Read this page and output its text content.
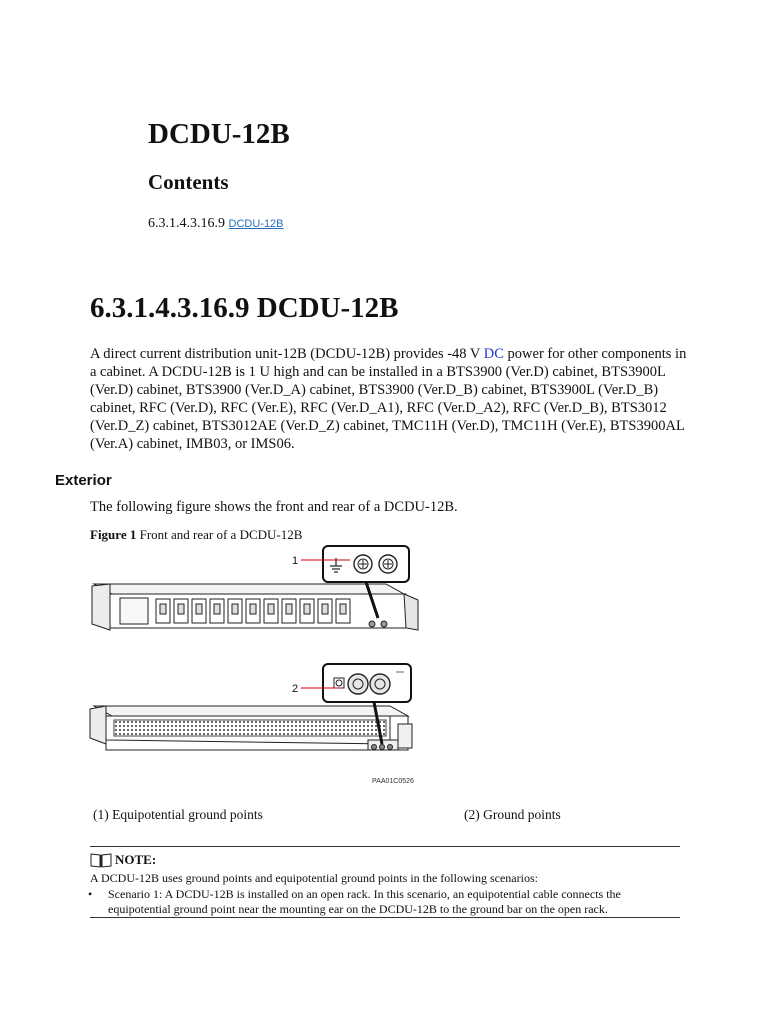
DCDU-12B
Contents
6.3.1.4.3.16.9 DCDU-12B
6.3.1.4.3.16.9 DCDU-12B

A direct current distribution unit-12B (DCDU-12B) provides -48 V DC power for other components in a cabinet. A DCDU-12B is 1 U high and can be installed in a BTS3900 (Ver.D) cabinet, BTS3900L (Ver.D) cabinet, BTS3900 (Ver.D_A) cabinet, BTS3900 (Ver.D_B) cabinet, BTS3900L (Ver.D_B) cabinet, RFC (Ver.D), RFC (Ver.E), RFC (Ver.D_A1), RFC (Ver.D_A2), RFC (Ver.D_B), BTS3012 (Ver.D_Z) cabinet, BTS3012AE (Ver.D_Z) cabinet, TMC11H (Ver.D), TMC11H (Ver.E), BTS3900AL (Ver.A) cabinet, IMB03, or IMS06.

Exterior

The following figure shows the front and rear of a DCDU-12B.

Figure 1 Front and rear of a DCDU-12B

1
2
PAA01C0526
(1) Equipotential ground points	(2) Ground points
NOTE:
A DCDU-12B uses ground points and equipotential ground points in the following scenarios:
• Scenario 1: A DCDU-12B is installed on an open rack. In this scenario, an equipotential cable connects the equipotential ground point near the mounting ear on the DCDU-12B to the ground bar on the open rack.
